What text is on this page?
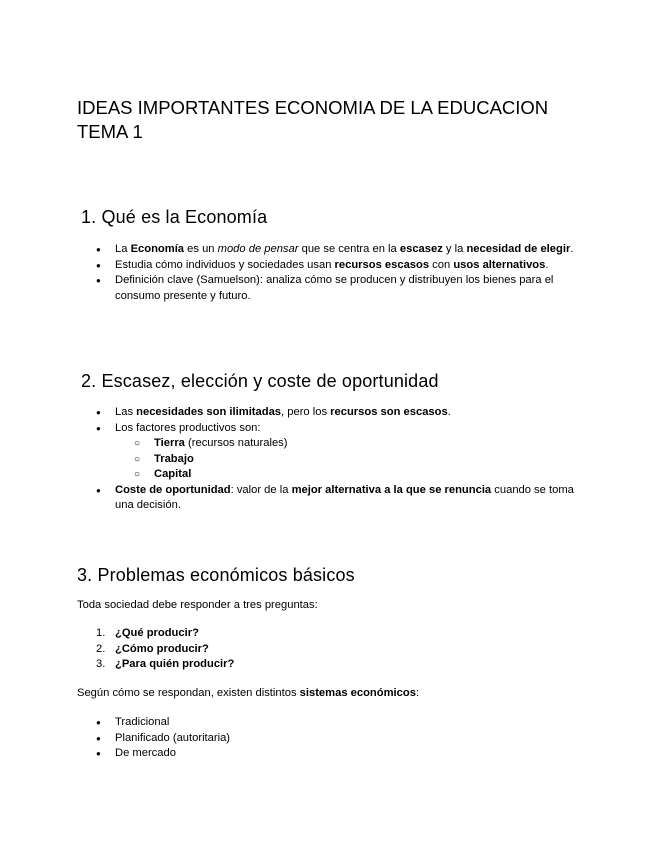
IDEAS IMPORTANTES ECONOMIA DE LA EDUCACION
TEMA 1
1. Qué es la Economía
● La Economía es un modo de pensar que se centra en la escasez y la necesidad de elegir.
● Estudia cómo individuos y sociedades usan recursos escasos con usos alternativos.
● Definición clave (Samuelson): analiza cómo se producen y distribuyen los bienes para el consumo presente y futuro.
2. Escasez, elección y coste de oportunidad
● Las necesidades son ilimitadas, pero los recursos son escasos.
● Los factores productivos son:
○ Tierra (recursos naturales)
○ Trabajo
○ Capital
● Coste de oportunidad: valor de la mejor alternativa a la que se renuncia cuando se toma una decisión.
3. Problemas económicos básicos

Toda sociedad debe responder a tres preguntas:

1. ¿Qué producir?
2. ¿Cómo producir?
3. ¿Para quién producir?

Según cómo se respondan, existen distintos sistemas económicos:

● Tradicional
● Planificado (autoritaria)
● De mercado
